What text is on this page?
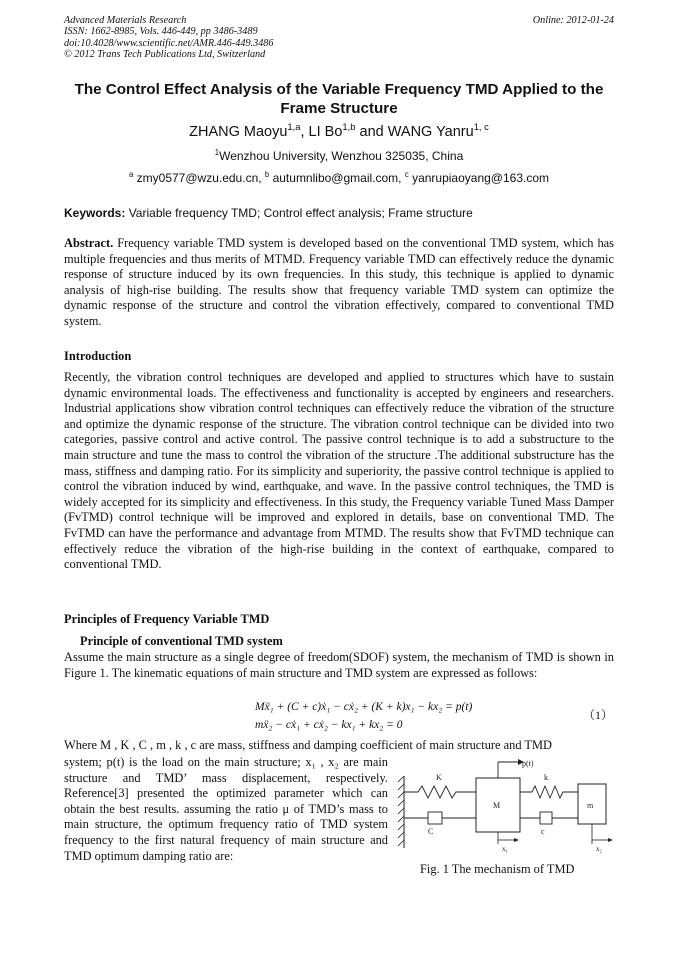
Advanced Materials Research
ISSN: 1662-8985, Vols. 446-449, pp 3486-3489
doi:10.4028/www.scientific.net/AMR.446-449.3486
© 2012 Trans Tech Publications Ltd, Switzerland
Online: 2012-01-24
The Control Effect Analysis of the Variable Frequency TMD Applied to the Frame Structure
ZHANG Maoyu$^{1,a}$, LI Bo$^{1,b}$ and WANG Yanru$^{1, c}$
$^1$Wenzhou University, Wenzhou 325035, China
$^a$ zmy0577@wzu.edu.cn, $^b$ autumnlibo@gmail.com, $^c$ yanrupiaoyang@163.com
Keywords: Variable frequency TMD; Control effect analysis; Frame structure
Abstract. Frequency variable TMD system is developed based on the conventional TMD system, which has multiple frequencies and thus merits of MTMD. Frequency variable TMD can effectively reduce the dynamic response of structure induced by its own frequencies. In this study, this technique is applied to dynamic analysis of high-rise building. The results show that frequency variable TMD system can optimize the dynamic response of the structure and control the vibration effectively, compared to conventional TMD system.
Introduction
Recently, the vibration control techniques are developed and applied to structures which have to sustain dynamic environmental loads. The effectiveness and functionality is accepted by engineers and researchers. Industrial applications show vibration control techniques can effectively reduce the vibration of the structure and optimize the dynamic response of the structure. The vibration control technique can be divided into two categories, passive control and active control. The passive control technique is to add a substructure to the main structure and tune the mass to control the vibration of the structure .The additional substructure has the mass, stiffness and damping ratio. For its simplicity and superiority, the passive control technique is applied to control the vibration induced by wind, earthquake, and wave. In the passive control techniques, the TMD is widely accepted for its simplicity and effectiveness. In this study, the Frequency variable Tuned Mass Damper (FvTMD) control technique will be improved and explored in details, base on conventional TMD. The FvTMD can have the performance and advantage from MTMD. The results show that FvTMD technique can effectively reduce the vibration of the high-rise building in the context of earthquake, compared to conventional TMD.
Principles of Frequency Variable TMD
Principle of conventional TMD system
Assume the main structure as a single degree of freedom(SDOF) system, the mechanism of TMD is shown in Figure 1. The kinematic equations of main structure and TMD system are expressed as follows:
Mẍ₁ + (C + c)ẋ₁ − cẋ₂ + (K + k)x₁ − kx₂ = p(t)
mẍ₂ − cẋ₁ + cẋ₂ − kx₁ + kx₂ = 0
（1）
Where M , K , C , m , k , c are mass, stiffness and damping coefficient of main structure and TMD
system; p(t) is the load on the main structure; x₁ , x₂ are main structure and TMD’ mass displacement, respectively. Reference[3] presented the optimized parameter which can obtain the best results. assuming the ratio μ of TMD’s mass to main structure, the optimum frequency ratio of TMD system frequency to the first natural frequency of main structure and TMD optimum damping ratio are:
K
C
M
p(t)
k
c
m
x₁	x₂
Fig. 1 The mechanism of TMD
